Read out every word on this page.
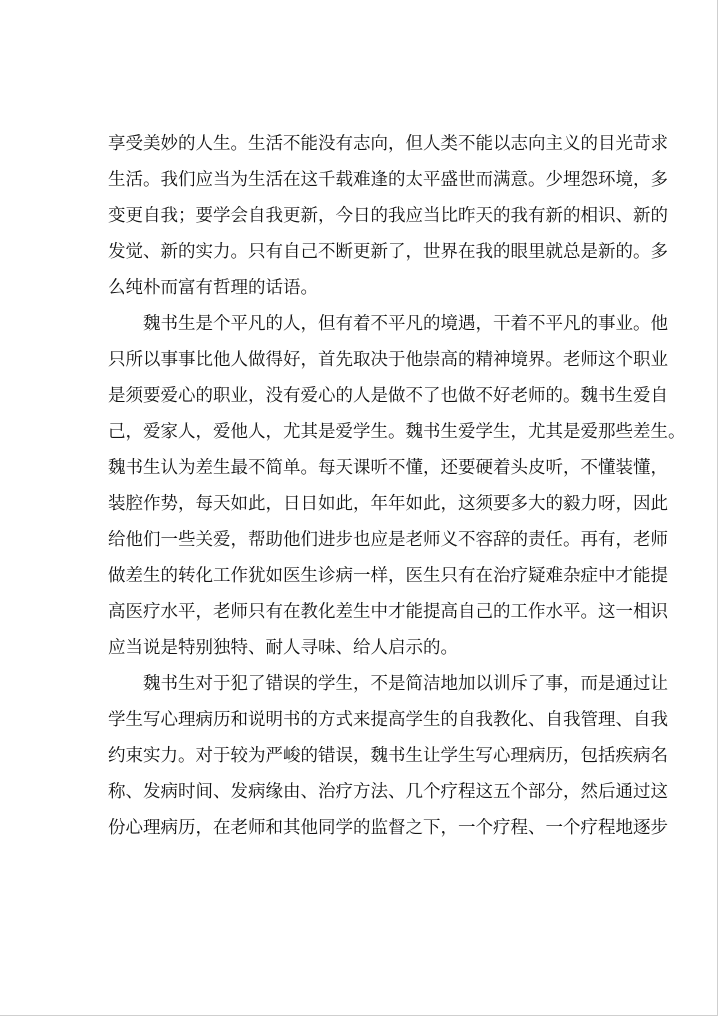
享受美妙的人生。生活不能没有志向，但人类不能以志向主义的目光苛求
生活。我们应当为生活在这千载难逢的太平盛世而满意。少埋怨环境，多
变更自我；要学会自我更新，今日的我应当比昨天的我有新的相识、新的
发觉、新的实力。只有自己不断更新了，世界在我的眼里就总是新的。多
么纯朴而富有哲理的话语。
魏书生是个平凡的人，但有着不平凡的境遇，干着不平凡的事业。他
只所以事事比他人做得好，首先取决于他崇高的精神境界。老师这个职业
是须要爱心的职业，没有爱心的人是做不了也做不好老师的。魏书生爱自
己，爱家人，爱他人，尤其是爱学生。魏书生爱学生，尤其是爱那些差生。
魏书生认为差生最不简单。每天课听不懂，还要硬着头皮听，不懂装懂，
装腔作势，每天如此，日日如此，年年如此，这须要多大的毅力呀，因此
给他们一些关爱，帮助他们进步也应是老师义不容辞的责任。再有，老师
做差生的转化工作犹如医生诊病一样，医生只有在治疗疑难杂症中才能提
高医疗水平，老师只有在教化差生中才能提高自己的工作水平。这一相识
应当说是特别独特、耐人寻味、给人启示的。
魏书生对于犯了错误的学生，不是简洁地加以训斥了事，而是通过让
学生写心理病历和说明书的方式来提高学生的自我教化、自我管理、自我
约束实力。对于较为严峻的错误，魏书生让学生写心理病历，包括疾病名
称、发病时间、发病缘由、治疗方法、几个疗程这五个部分，然后通过这
份心理病历，在老师和其他同学的监督之下，一个疗程、一个疗程地逐步
